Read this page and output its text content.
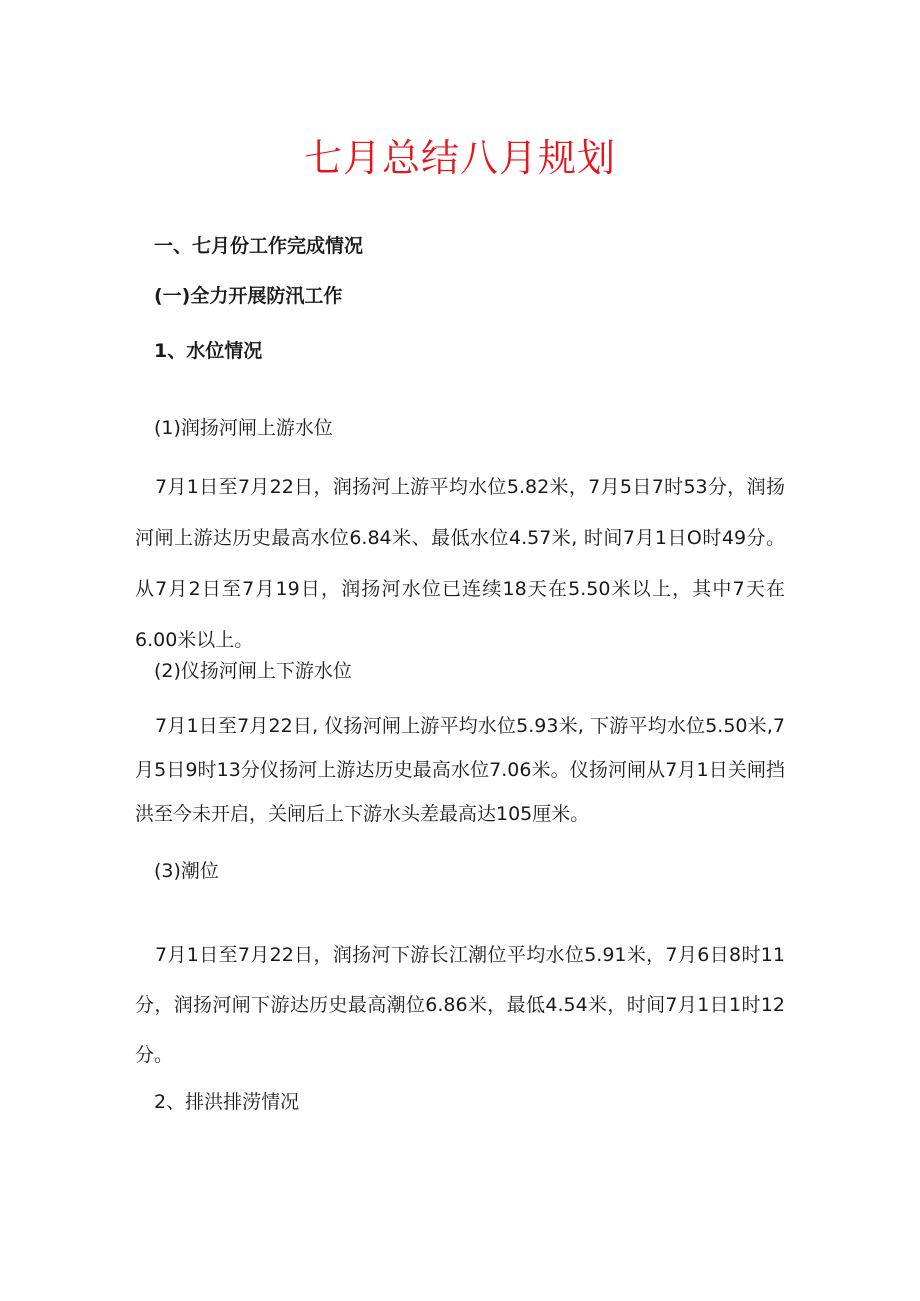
七月总结八月规划
一、七月份工作完成情况
(一)全力开展防汛工作
1、水位情况

(1)润扬河闸上游水位

7月1日至7月22日，润扬河上游平均水位5.82米，7月5日7时53分，润扬河闸上游达历史最高水位6.84米、最低水位4.57米, 时间7月1日O时49分。从7月2日至7月19日，润扬河水位已连续18天在5.50米以上，其中7天在6.00米以上。

(2)仪扬河闸上下游水位

7月1日至7月22日, 仪扬河闸上游平均水位5.93米, 下游平均水位5.50米,7月5日9时13分仪扬河上游达历史最高水位7.06米。仪扬河闸从7月1日关闸挡洪至今未开启，关闸后上下游水头差最高达105厘米。

(3)潮位

7月1日至7月22日，润扬河下游长江潮位平均水位5.91米，7月6日8时11分，润扬河闸下游达历史最高潮位6.86米，最低4.54米，时间7月1日1时12分。

2、排洪排涝情况
